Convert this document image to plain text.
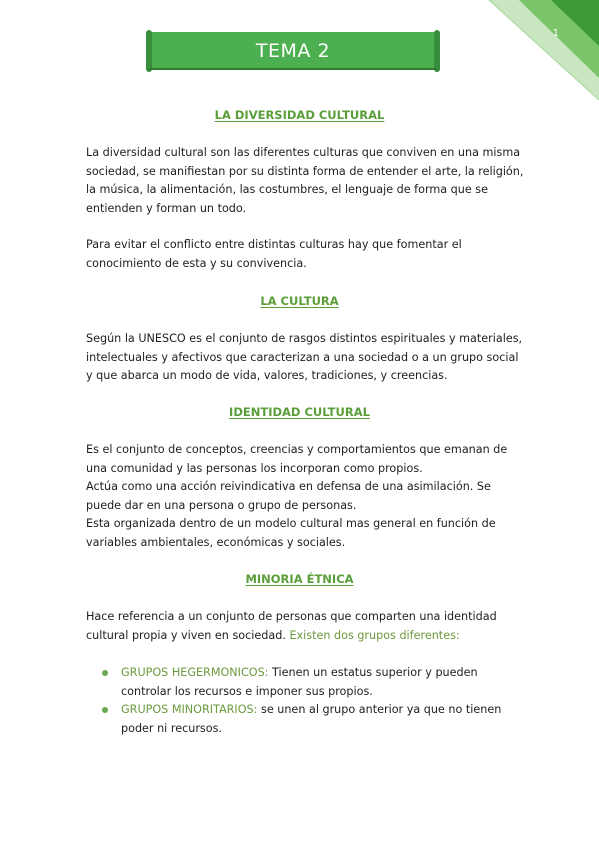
1
TEMA 2
LA DIVERSIDAD CULTURAL
La diversidad cultural son las diferentes culturas que conviven en una misma sociedad, se manifiestan por su distinta forma de entender el arte, la religión, la música, la alimentación, las costumbres, el lenguaje de forma que se entienden y forman un todo.
Para evitar el conflicto entre distintas culturas hay que fomentar el conocimiento de esta y su convivencia.
LA CULTURA
Según la UNESCO es el conjunto de rasgos distintos espirituales y materiales, intelectuales y afectivos que caracterizan a una sociedad o a un grupo social y que abarca un modo de vida, valores, tradiciones, y creencias.
IDENTIDAD CULTURAL
Es el conjunto de conceptos, creencias y comportamientos que emanan de una comunidad y las personas los incorporan como propios.
Actúa como una acción reivindicativa en defensa de una asimilación. Se puede dar en una persona o grupo de personas.
Esta organizada dentro de un modelo cultural mas general en función de variables ambientales, económicas y sociales.
MINORIA ÉTNICA
Hace referencia a un conjunto de personas que comparten una identidad cultural propia y viven en sociedad. Existen dos grupos diferentes:
GRUPOS HEGERMONICOS: Tienen un estatus superior y pueden controlar los recursos e imponer sus propios.
GRUPOS MINORITARIOS: se unen al grupo anterior ya que no tienen poder ni recursos.
